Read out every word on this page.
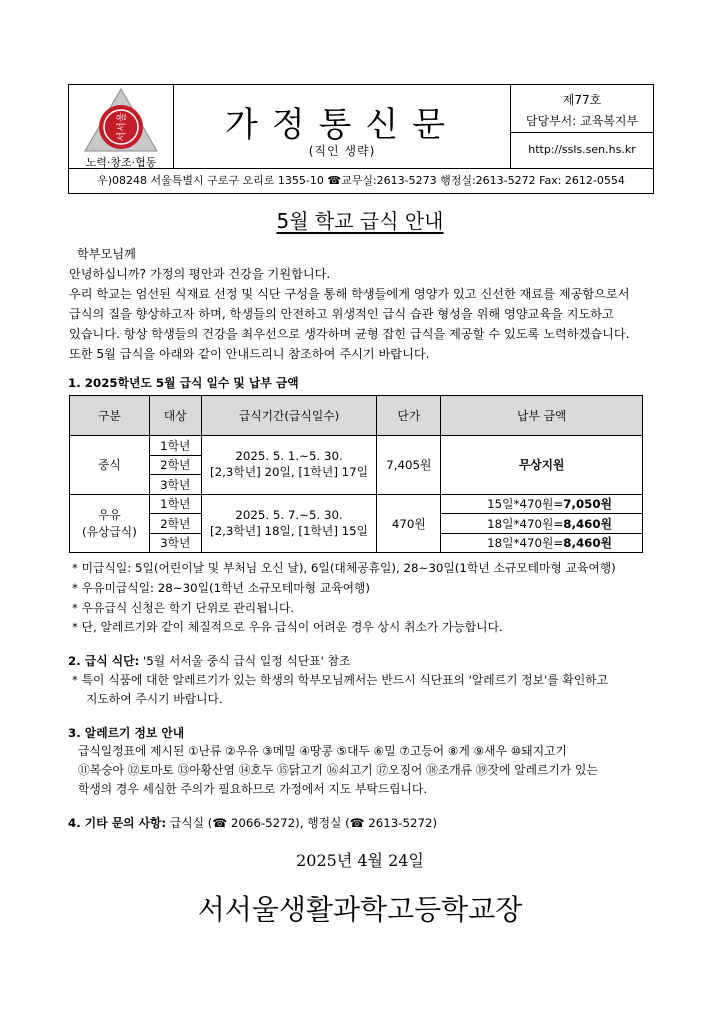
서서울
노력·창조·협동
가정통신문
(직인 생략)
제77호
담당부서: 교육복지부
http://ssls.sen.hs.kr
우)08248 서울특별시 구로구 오리로 1355-10 ☎교무실:2613-5273 행정실:2613-5272 Fax: 2612-0554
5월 학교 급식 안내
학부모님께
안녕하십니까? 가정의 평안과 건강을 기원합니다.
우리 학교는 엄선된 식재료 선정 및 식단 구성을 통해 학생들에게 영양가 있고 신선한 재료를 제공함으로서
급식의 질을 향상하고자 하며, 학생들의 안전하고 위생적인 급식 습관 형성을 위해 영양교육을 지도하고
있습니다. 항상 학생들의 건강을 최우선으로 생각하며 균형 잡힌 급식을 제공할 수 있도록 노력하겠습니다.
또한 5월 급식을 아래와 같이 안내드리니 참조하여 주시기 바랍니다.
1. 2025학년도 5월 급식 일수 및 납부 금액
구분	대상	급식기간(급식일수)	단가	납부 금액
중식	1학년	2025. 5. 1.~5. 30.
[2,3학년] 20일, [1학년] 17일	7,405원	무상지원
	2학년			
	3학년			
우유
(유상급식)	1학년	2025. 5. 7.~5. 30.
[2,3학년] 18일, [1학년] 15일	470원	15일*470원=7,050원
	2학년			18일*470원=8,460원
	3학년			18일*470원=8,460원
* 미급식일: 5일(어린이날 및 부처님 오신 날), 6일(대체공휴일), 28~30일(1학년 소규모테마형 교육여행)
* 우유미급식일: 28~30일(1학년 소규모테마형 교육여행)
* 우유급식 신청은 학기 단위로 관리됩니다.
* 단, 알레르기와 같이 체질적으로 우유 급식이 어려운 경우 상시 취소가 가능합니다.
2. 급식 식단: '5월 서서울 중식 급식 일정 식단표' 참조
* 특이 식품에 대한 알레르기가 있는 학생의 학부모님께서는 반드시 식단표의 '알레르기 정보'를 확인하고
지도하여 주시기 바랍니다.
3. 알레르기 정보 안내
급식일정표에 제시된 ①난류 ②우유 ③메밀 ④땅콩 ⑤대두 ⑥밀 ⑦고등어 ⑧게 ⑨새우 ⑩돼지고기
⑪복숭아 ⑫토마토 ⑬아황산염 ⑭호두 ⑮닭고기 ⑯쇠고기 ⑰오징어 ⑱조개류 ⑲잣에 알레르기가 있는
학생의 경우 세심한 주의가 필요하므로 가정에서 지도 부탁드립니다.
4. 기타 문의 사항: 급식실 (☎ 2066-5272), 행정실 (☎ 2613-5272)
2025년 4월 24일
서서울생활과학고등학교장
